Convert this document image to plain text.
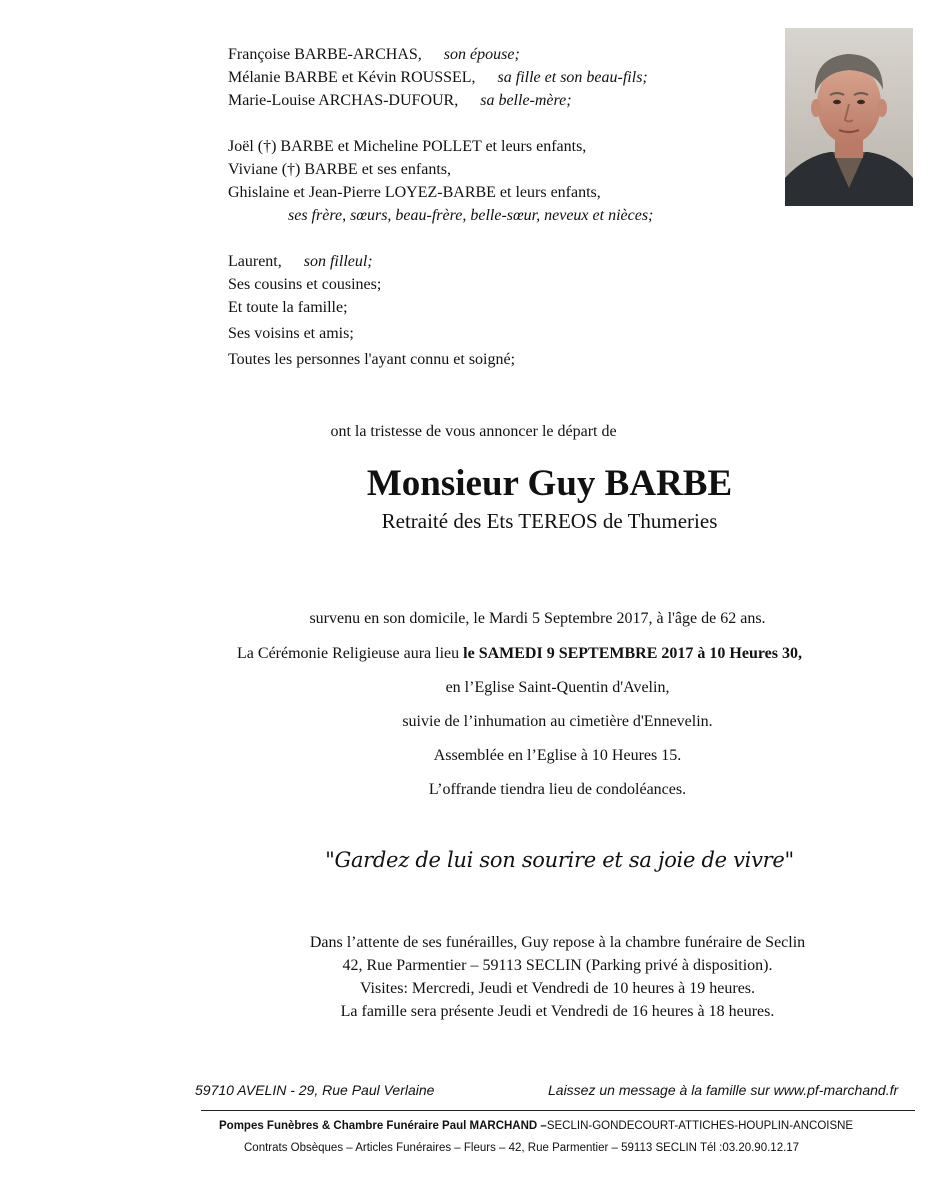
Françoise BARBE-ARCHAS, son épouse;
Mélanie BARBE et Kévin ROUSSEL, sa fille et son beau-fils;
Marie-Louise ARCHAS-DUFOUR, sa belle-mère;
Joël (†) BARBE et Micheline POLLET et leurs enfants,
Viviane (†) BARBE et ses enfants,
Ghislaine et Jean-Pierre LOYEZ-BARBE et leurs enfants,
ses frère, sœurs, beau-frère, belle-sœur, neveux et nièces;
Laurent, son filleul;
Ses cousins et cousines;
Et toute la famille;
Ses voisins et amis;
Toutes les personnes l'ayant connu et soigné;
ont la tristesse de vous annoncer le départ de
Monsieur Guy BARBE
Retraité des Ets TEREOS de Thumeries
survenu en son domicile, le Mardi 5 Septembre 2017, à l'âge de 62 ans.
La Cérémonie Religieuse aura lieu le SAMEDI 9 SEPTEMBRE 2017 à 10 Heures 30,
en l’Eglise Saint-Quentin d'Avelin,
suivie de l’inhumation au cimetière d'Ennevelin.
Assemblée en l’Eglise à 10 Heures 15.
L’offrande tiendra lieu de condoléances.
"Gardez de lui son sourire et sa joie de vivre"
Dans l’attente de ses funérailles, Guy repose à la chambre funéraire de Seclin
42, Rue Parmentier – 59113 SECLIN (Parking privé à disposition).
Visites: Mercredi, Jeudi et Vendredi de 10 heures à 19 heures.
La famille sera présente Jeudi et Vendredi de 16 heures à 18 heures.
59710 AVELIN - 29, Rue Paul Verlaine	Laissez un message à la famille sur www.pf-marchand.fr
Pompes Funèbres & Chambre Funéraire Paul MARCHAND –SECLIN-GONDECOURT-ATTICHES-HOUPLIN-ANCOISNE
Contrats Obsèques – Articles Funéraires – Fleurs – 42, Rue Parmentier – 59113 SECLIN Tél :03.20.90.12.17
